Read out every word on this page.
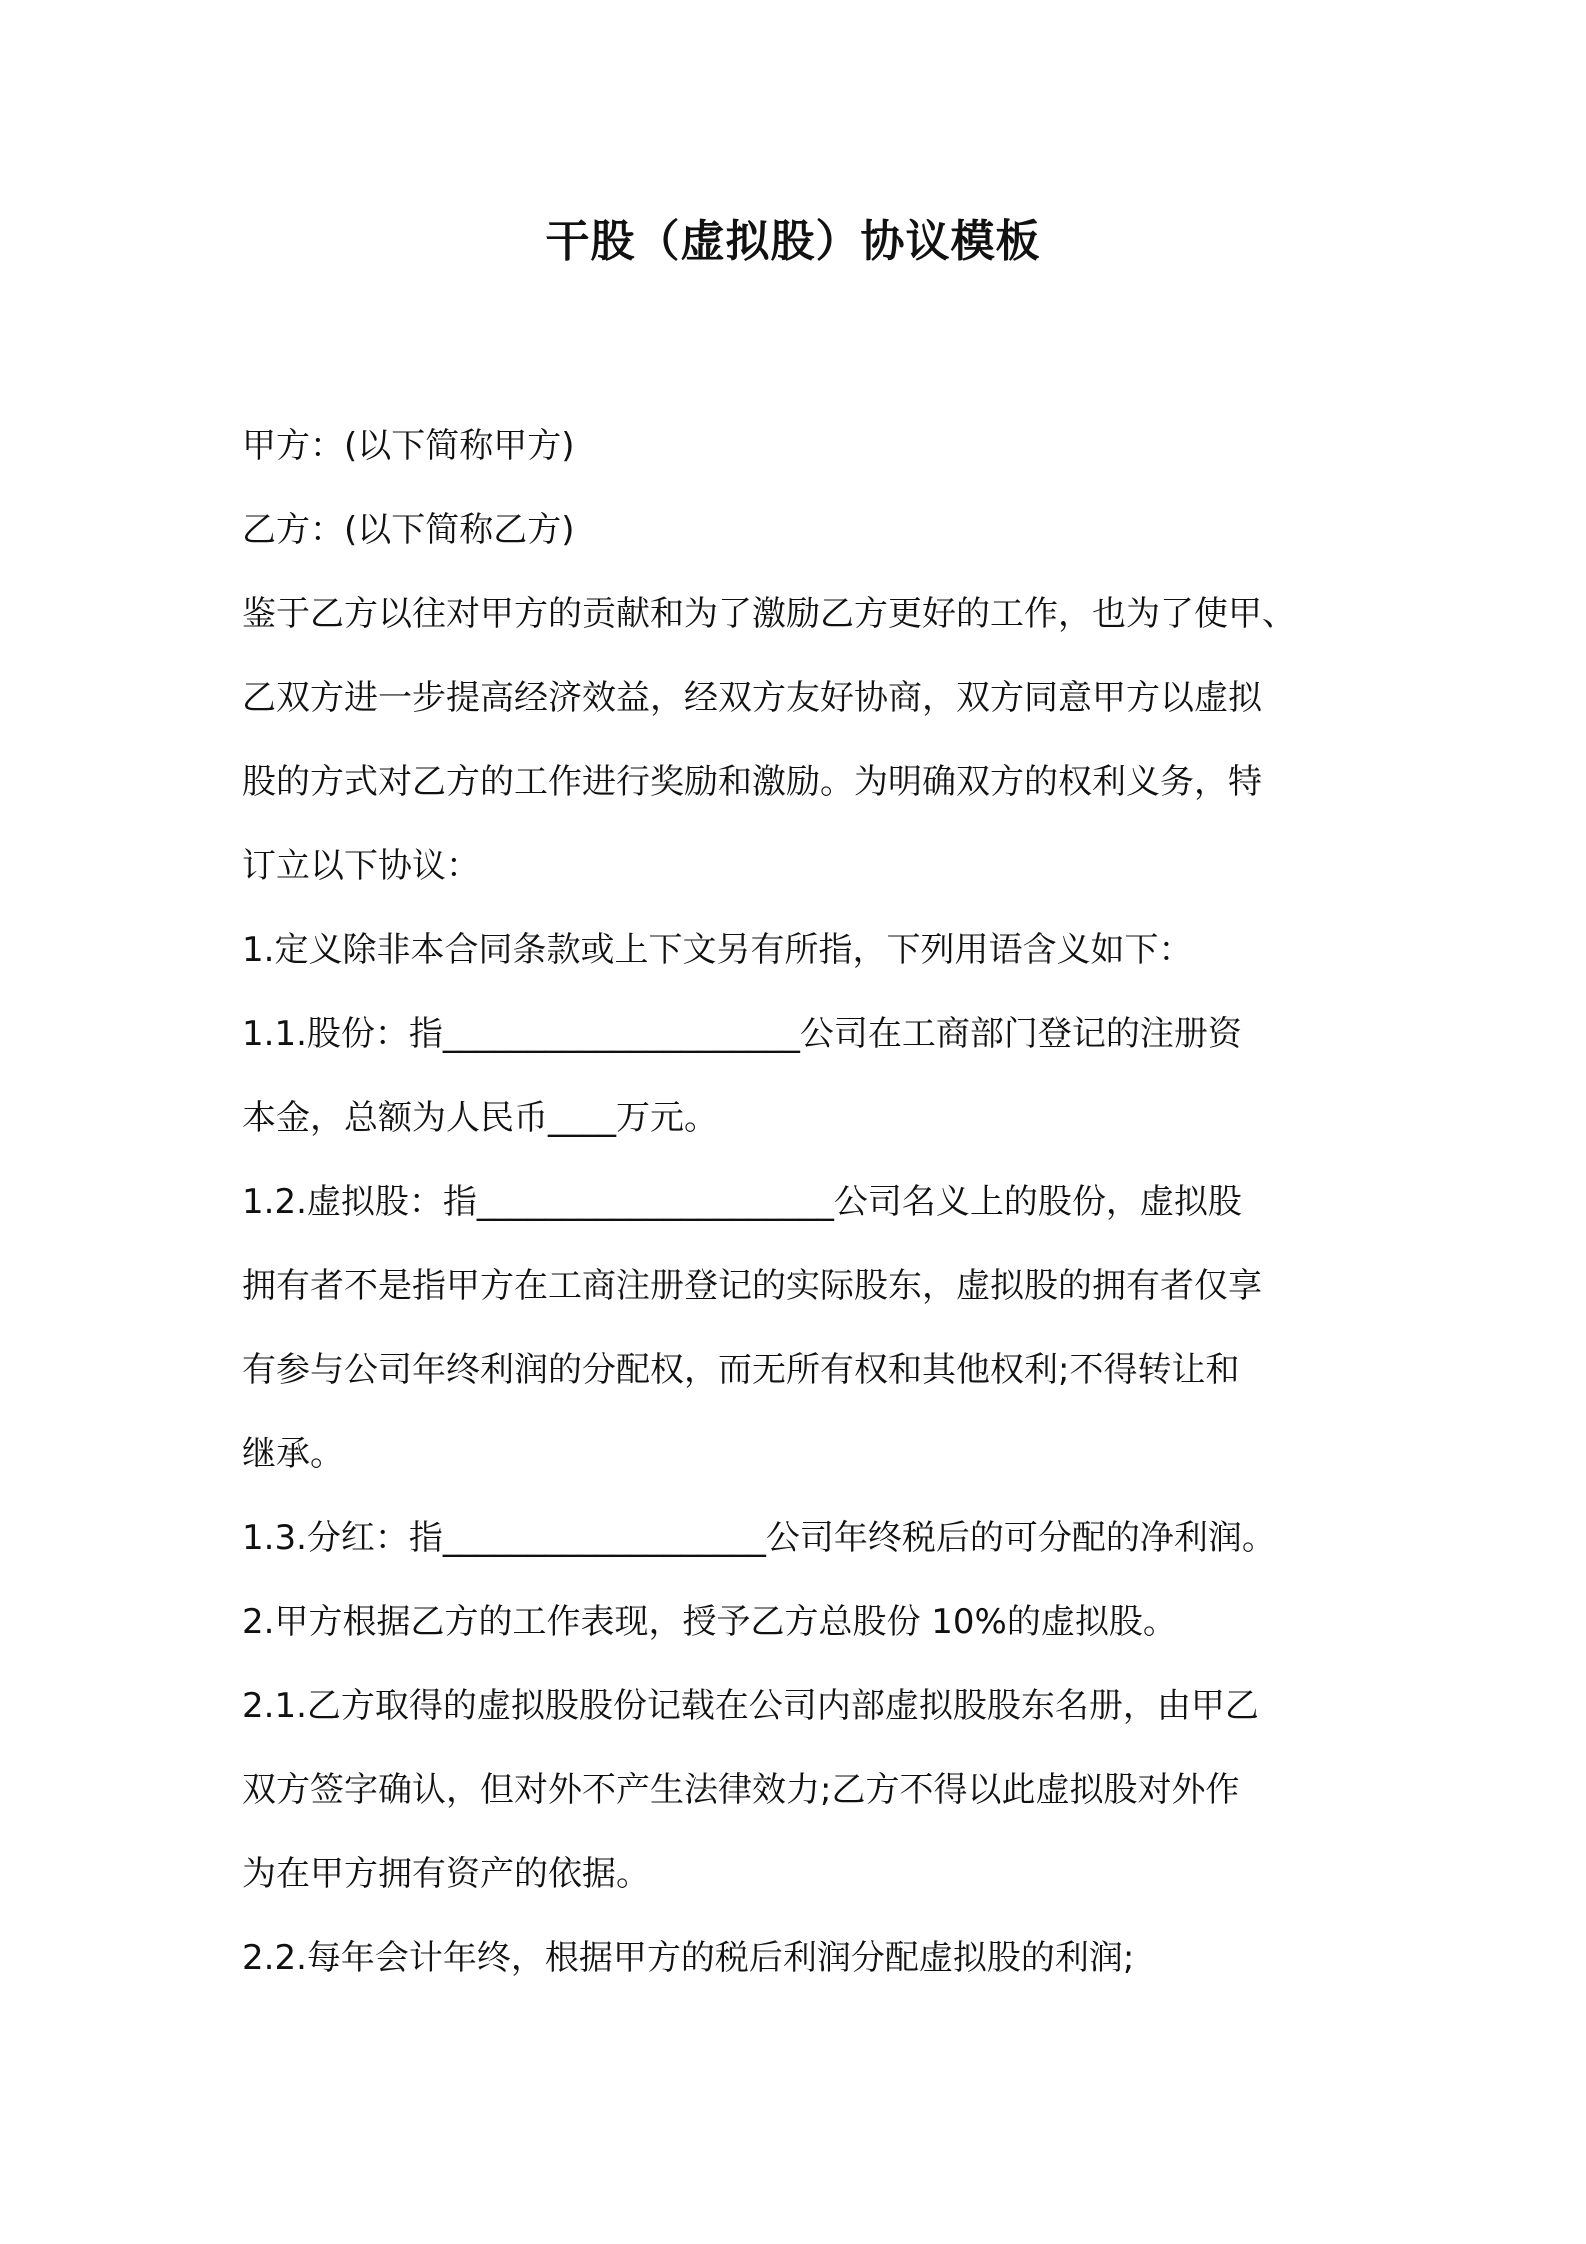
干股（虚拟股）协议模板

甲方：(以下简称甲方)

乙方：(以下简称乙方)

鉴于乙方以往对甲方的贡献和为了激励乙方更好的工作，也为了使甲、

乙双方进一步提高经济效益，经双方友好协商，双方同意甲方以虚拟

股的方式对乙方的工作进行奖励和激励。为明确双方的权利义务，特

订立以下协议：

1.定义除非本合同条款或上下文另有所指，下列用语含义如下：

1.1.股份：指_____________________公司在工商部门登记的注册资

本金，总额为人民币____万元。

1.2.虚拟股：指_____________________公司名义上的股份，虚拟股

拥有者不是指甲方在工商注册登记的实际股东，虚拟股的拥有者仅享

有参与公司年终利润的分配权，而无所有权和其他权利;不得转让和

继承。

1.3.分红：指___________________公司年终税后的可分配的净利润。

2.甲方根据乙方的工作表现，授予乙方总股份 10%的虚拟股。

2.1.乙方取得的虚拟股股份记载在公司内部虚拟股股东名册，由甲乙

双方签字确认，但对外不产生法律效力;乙方不得以此虚拟股对外作

为在甲方拥有资产的依据。

2.2.每年会计年终，根据甲方的税后利润分配虚拟股的利润;
